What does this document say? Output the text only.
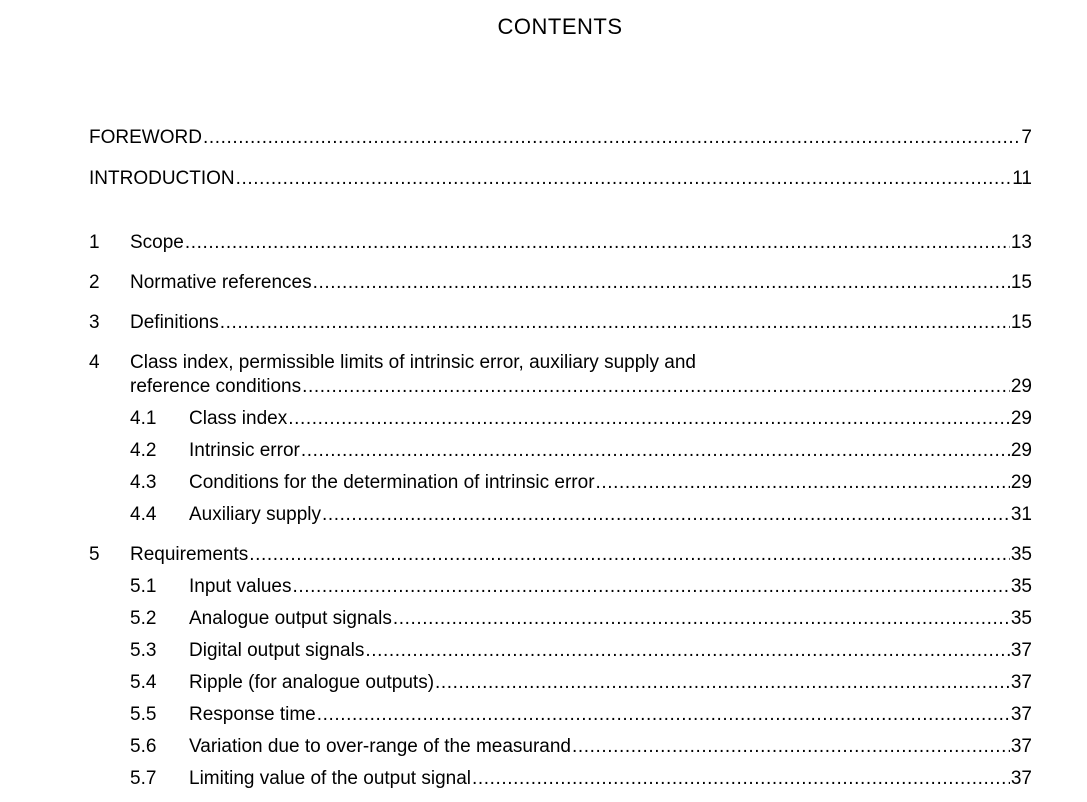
CONTENTS
FOREWORD .....	7
INTRODUCTION .....	11
1	Scope .....	13
2	Normative references .....	15
3	Definitions .....	15
4 Class index, permissible limits of intrinsic error, auxiliary supply and
reference conditions .....	29
4.1	Class index .....	29
4.2	Intrinsic error .....	29
4.3	Conditions for the determination of intrinsic error .....	29
4.4	Auxiliary supply .....	31
5	Requirements .....	35
5.1	Input values .....	35
5.2	Analogue output signals .....	35
5.3	Digital output signals .....	37
5.4	Ripple (for analogue outputs) .....	37
5.5	Response time .....	37
5.6	Variation due to over-range of the measurand .....	37
5.7	Limiting value of the output signal .....	37
